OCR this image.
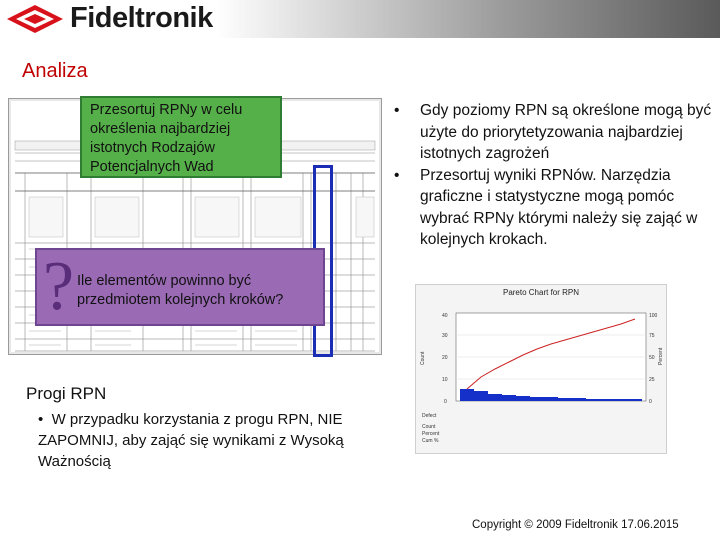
Fideltronik
Analiza
Przesortuj RPNy w celu określenia najbardziej istotnych Rodzajów Potencjalnych Wad
? Ile elementów powinno być przedmiotem kolejnych kroków?
• Gdy poziomy RPN są określone mogą być użyte do priorytetyzowania najbardziej istotnych zagrożeń
• Przesortuj wyniki RPNów. Narzędzia graficzne i statystyczne mogą pomóc wybrać RPNy którymi należy się zająć w kolejnych krokach.
Pareto Chart for RPN
0
10
20
30
40
0
25
50
75
100
Count	Percent
Defect
Count
Percent
Cum %
Progi RPN
•  W przypadku korzystania z progu RPN, NIE ZAPOMNIJ, aby zająć się wynikami z Wysoką Ważnością
Copyright © 2009 Fideltronik 17.06.2015
